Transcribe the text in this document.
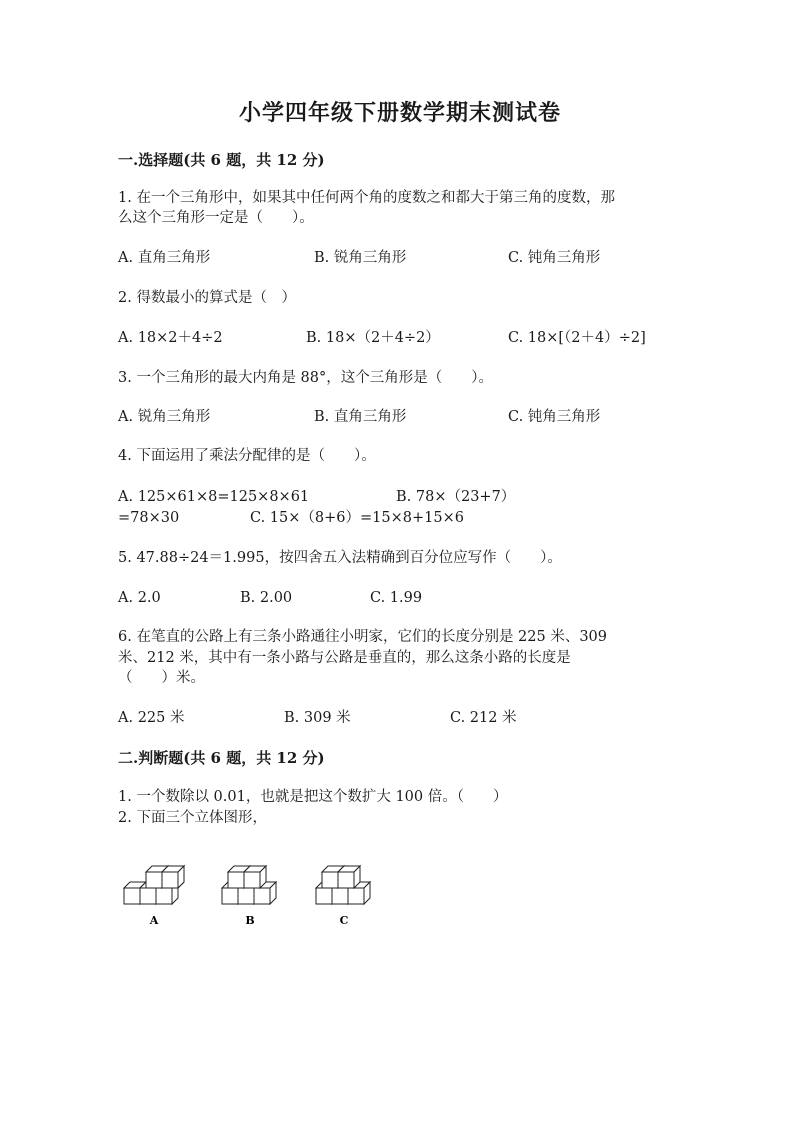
小学四年级下册数学期末测试卷
一.选择题(共 6 题，共 12 分)
1. 在一个三角形中，如果其中任何两个角的度数之和都大于第三角的度数，那
么这个三角形一定是（　　）。
A. 直角三角形	B. 锐角三角形	C. 钝角三角形
2. 得数最小的算式是（　）
A. 18×2＋4÷2	B. 18×（2＋4÷2）	C. 18×[（2＋4）÷2]
3. 一个三角形的最大内角是 88°，这个三角形是（　　）。
A. 锐角三角形	B. 直角三角形	C. 钝角三角形
4. 下面运用了乘法分配律的是（　　）。
A. 125×61×8=125×8×61	B. 78×（23+7）
=78×30	C. 15×（8+6）=15×8+15×6
5. 47.88÷24＝1.995，按四舍五入法精确到百分位应写作（　　）。
A. 2.0	B. 2.00	C. 1.99
6. 在笔直的公路上有三条小路通往小明家，它们的长度分别是 225 米、309
米、212 米，其中有一条小路与公路是垂直的，那么这条小路的长度是
（　　）米。
A. 225 米	B. 309 米	C. 212 米
二.判断题(共 6 题，共 12 分)
1. 一个数除以 0.01，也就是把这个数扩大 100 倍。（　　）
2. 下面三个立体图形，
A	B	C
